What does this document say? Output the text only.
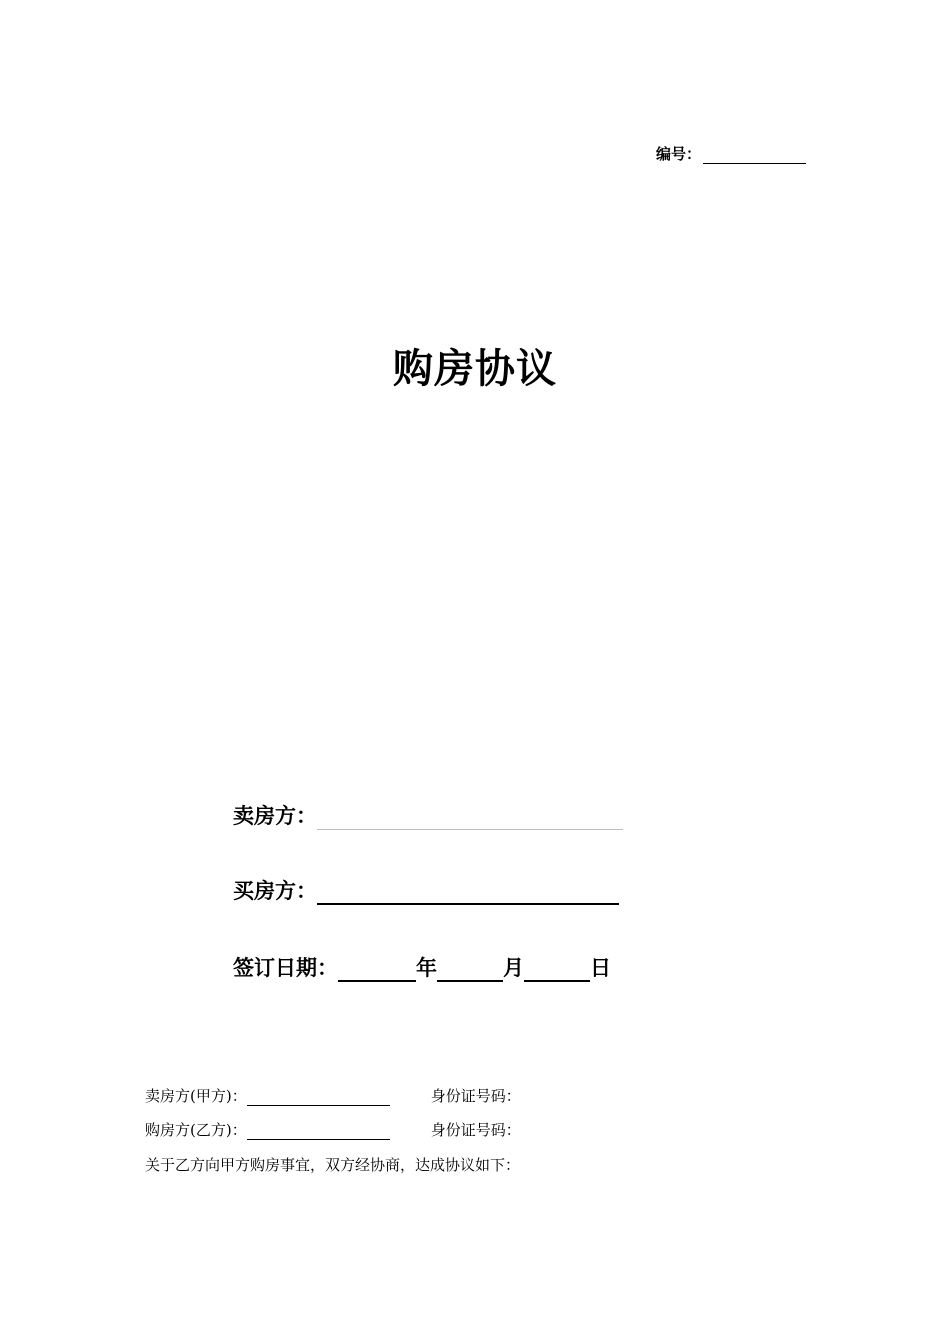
编号：
购房协议
卖房方：
买房方：
签订日期：	年	月	日
卖房方(甲方)：	身份证号码：
购房方(乙方)：	身份证号码：
关于乙方向甲方购房事宜，双方经协商，达成协议如下：
